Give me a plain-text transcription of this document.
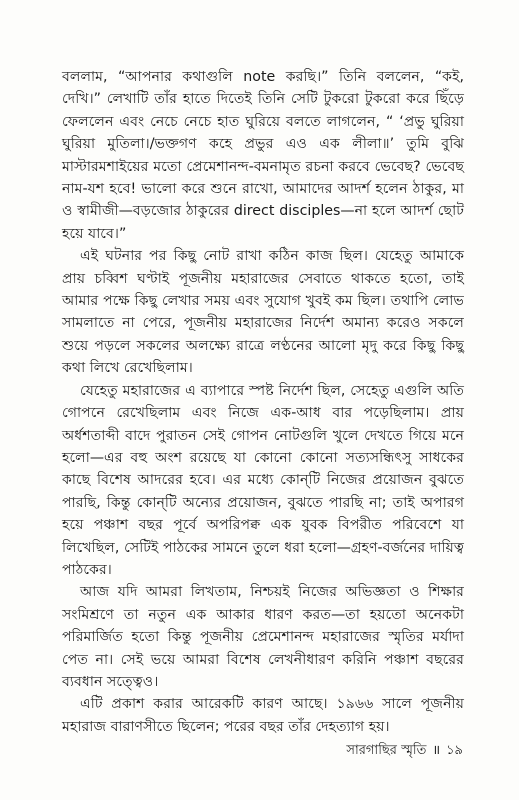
বললাম, “আপনার কথাগুলি note করছি।” তিনি বললেন, “কই, দেখি।” লেখাটি তাঁর হাতে দিতেই তিনি সেটি টুকরো টুকরো করে ছিঁড়ে ফেললেন এবং নেচে নেচে হাত ঘুরিয়ে বলতে লাগলেন, “ ‘প্রভু ঘুরিয়া ঘুরিয়া মুতিলা।/ভক্তগণ কহে প্রভুর এও এক লীলা॥’ তুমি বুঝি মাস্টারমশাইয়ের মতো প্রেমেশানন্দ-বমনামৃত রচনা করবে ভেবেছ? ভেবেছ নাম-যশ হবে! ভালো করে শুনে রাখো, আমাদের আদর্শ হলেন ঠাকুর, মা ও স্বামীজী—বড়জোর ঠাকুরের direct disciples—না হলে আদর্শ ছোট হয়ে যাবে।”

এই ঘটনার পর কিছু নোট রাখা কঠিন কাজ ছিল। যেহেতু আমাকে প্রায় চব্বিশ ঘণ্টাই পূজনীয় মহারাজের সেবাতে থাকতে হতো, তাই আমার পক্ষে কিছু লেখার সময় এবং সুযোগ খুবই কম ছিল। তথাপি লোভ সামলাতে না পেরে, পূজনীয় মহারাজের নির্দেশ অমান্য করেও সকলে শুয়ে পড়লে সকলের অলক্ষ্যে রাত্রে লণ্ঠনের আলো মৃদু করে কিছু কিছু কথা লিখে রেখেছিলাম।

যেহেতু মহারাজের এ ব্যাপারে স্পষ্ট নির্দেশ ছিল, সেহেতু এগুলি অতি গোপনে রেখেছিলাম এবং নিজে এক-আধ বার পড়েছিলাম। প্রায় অর্ধশতাব্দী বাদে পুরাতন সেই গোপন নোটগুলি খুলে দেখতে গিয়ে মনে হলো—এর বহু অংশ রয়েছে যা কোনো কোনো সত্যসন্ধিৎসু সাধকের কাছে বিশেষ আদরের হবে। এর মধ্যে কোন্‌টি নিজের প্রয়োজন বুঝতে পারছি, কিন্তু কোন্‌টি অন্যের প্রয়োজন, বুঝতে পারছি না; তাই অপারগ হয়ে পঞ্চাশ বছর পূর্বে অপরিপক্ব এক যুবক বিপরীত পরিবেশে যা লিখেছিল, সেটিই পাঠকের সামনে তুলে ধরা হলো—গ্রহণ-বর্জনের দায়িত্ব পাঠকের।

আজ যদি আমরা লিখতাম, নিশ্চয়ই নিজের অভিজ্ঞতা ও শিক্ষার সংমিশ্রণে তা নতুন এক আকার ধারণ করত—তা হয়তো অনেকটা পরিমার্জিত হতো কিন্তু পূজনীয় প্রেমেশানন্দ মহারাজের স্মৃতির মর্যাদা পেত না। সেই ভয়ে আমরা বিশেষ লেখনীধারণ করিনি পঞ্চাশ বছরের ব্যবধান সত্ত্বেও।

এটি প্রকাশ করার আরেকটি কারণ আছে। ১৯৬৬ সালে পূজনীয় মহারাজ বারাণসীতে ছিলেন; পরের বছর তাঁর দেহত্যাগ হয়।

সারগাছির স্মৃতি ॥ ১৯
